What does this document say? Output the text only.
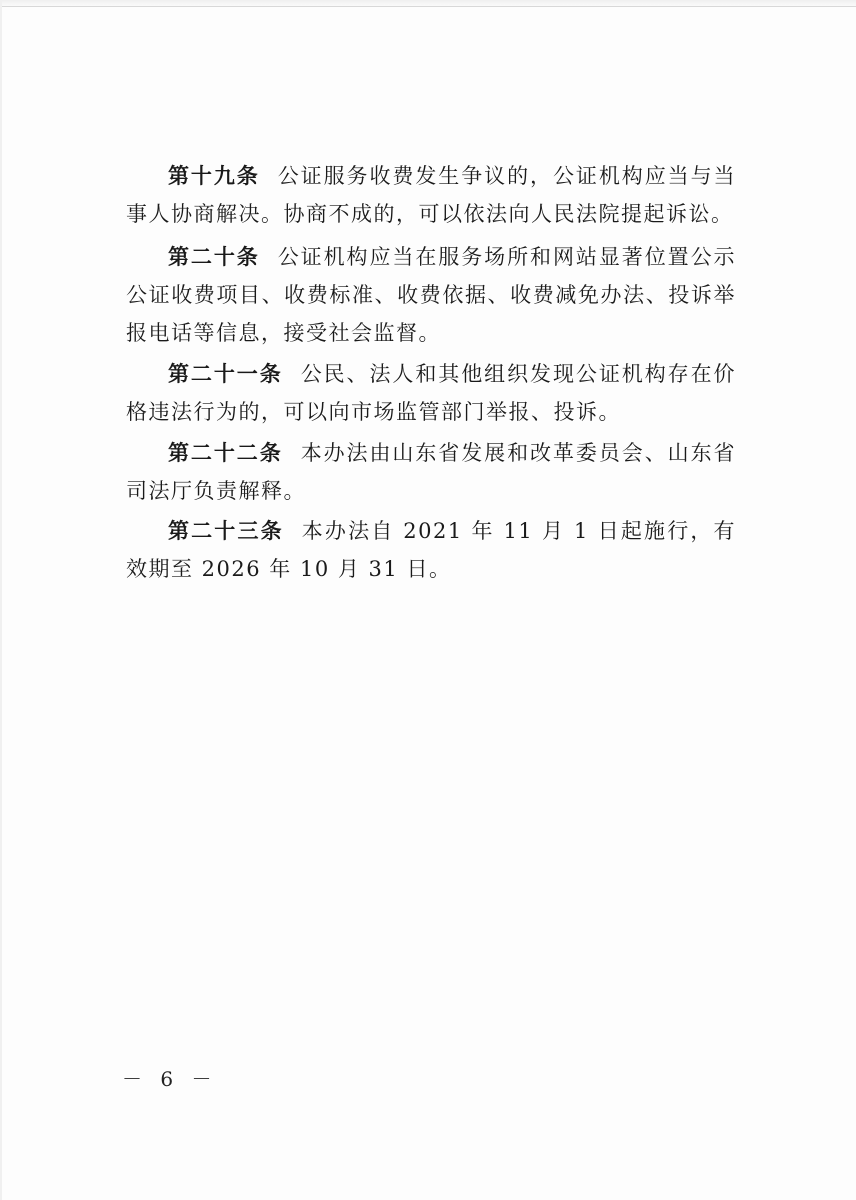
第十九条 公证服务收费发生争议的，公证机构应当与当事人协商解决。协商不成的，可以依法向人民法院提起诉讼。

第二十条 公证机构应当在服务场所和网站显著位置公示公证收费项目、收费标准、收费依据、收费减免办法、投诉举报电话等信息，接受社会监督。

第二十一条 公民、法人和其他组织发现公证机构存在价格违法行为的，可以向市场监管部门举报、投诉。

第二十二条 本办法由山东省发展和改革委员会、山东省司法厅负责解释。

第二十三条 本办法自 2021 年 11 月 1 日起施行，有效期至 2026 年 10 月 31 日。

－ 6 －
